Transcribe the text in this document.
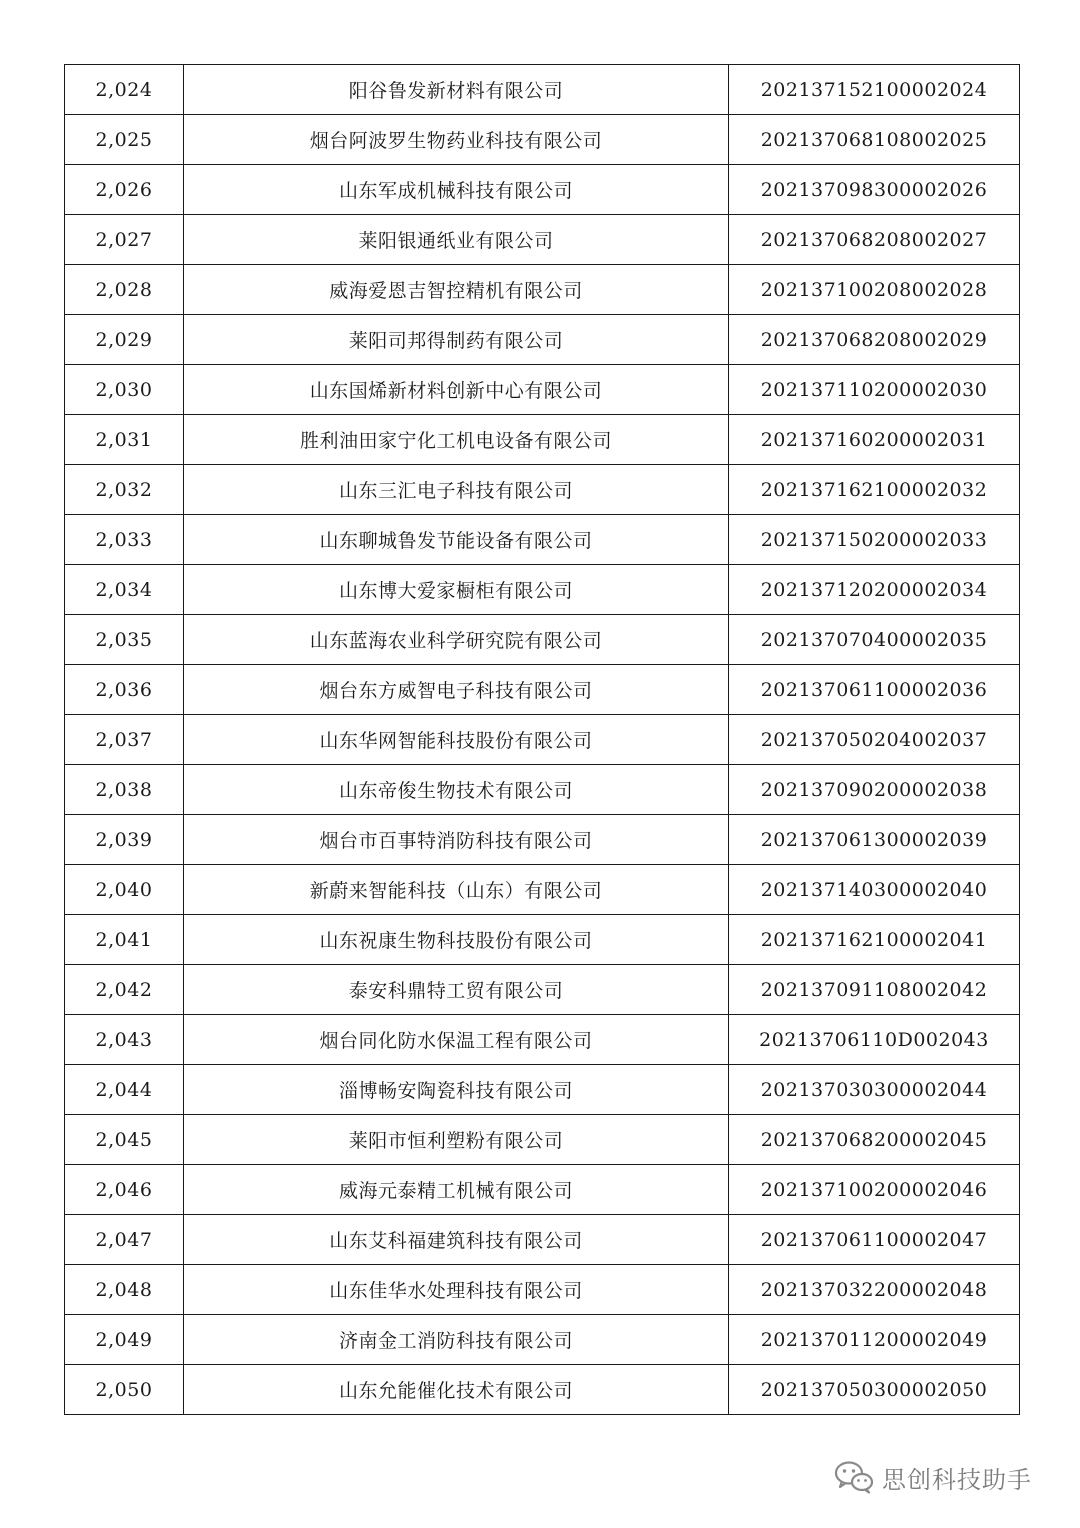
2,024	阳谷鲁发新材料有限公司	202137152100002024
2,025	烟台阿波罗生物药业科技有限公司	202137068108002025
2,026	山东军成机械科技有限公司	202137098300002026
2,027	莱阳银通纸业有限公司	202137068208002027
2,028	威海爱恩吉智控精机有限公司	202137100208002028
2,029	莱阳司邦得制药有限公司	202137068208002029
2,030	山东国烯新材料创新中心有限公司	202137110200002030
2,031	胜利油田家宁化工机电设备有限公司	202137160200002031
2,032	山东三汇电子科技有限公司	202137162100002032
2,033	山东聊城鲁发节能设备有限公司	202137150200002033
2,034	山东博大爱家橱柜有限公司	202137120200002034
2,035	山东蓝海农业科学研究院有限公司	202137070400002035
2,036	烟台东方威智电子科技有限公司	202137061100002036
2,037	山东华网智能科技股份有限公司	202137050204002037
2,038	山东帝俊生物技术有限公司	202137090200002038
2,039	烟台市百事特消防科技有限公司	202137061300002039
2,040	新蔚来智能科技（山东）有限公司	202137140300002040
2,041	山东祝康生物科技股份有限公司	202137162100002041
2,042	泰安科鼎特工贸有限公司	202137091108002042
2,043	烟台同化防水保温工程有限公司	20213706110D002043
2,044	淄博畅安陶瓷科技有限公司	202137030300002044
2,045	莱阳市恒利塑粉有限公司	202137068200002045
2,046	威海元泰精工机械有限公司	202137100200002046
2,047	山东艾科福建筑科技有限公司	202137061100002047
2,048	山东佳华水处理科技有限公司	202137032200002048
2,049	济南金工消防科技有限公司	202137011200002049
2,050	山东允能催化技术有限公司	202137050300002050
思创科技助手
